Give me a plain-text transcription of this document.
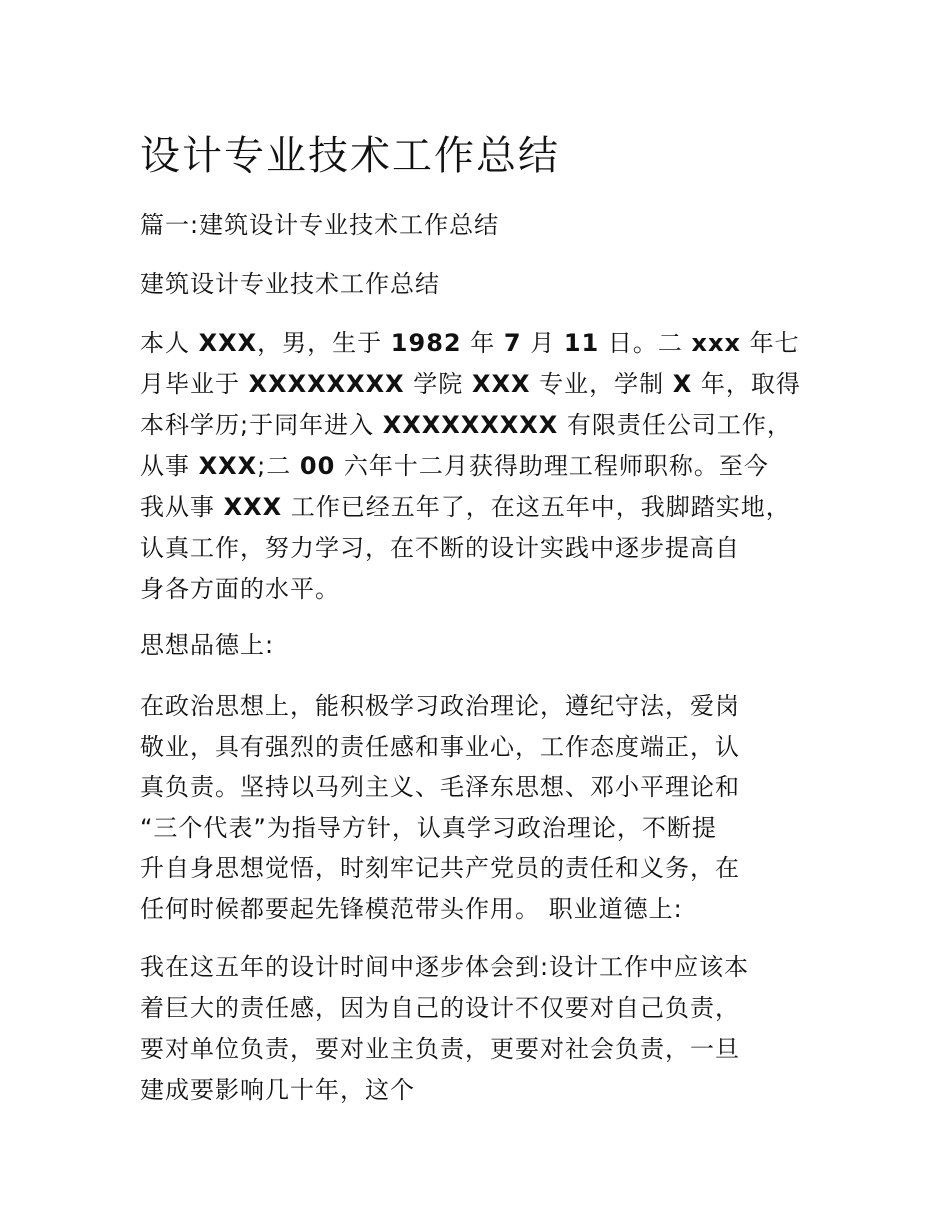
设计专业技术工作总结
篇一:建筑设计专业技术工作总结
建筑设计专业技术工作总结
本人 XXX，男，生于 1982 年 7 月 11 日。二 xxx 年七
月毕业于 XXXXXXXX 学院 XXX 专业，学制 X 年，取得
本科学历;于同年进入 XXXXXXXXX 有限责任公司工作，
从事 XXX;二 00 六年十二月获得助理工程师职称。至今
我从事 XXX 工作已经五年了，在这五年中，我脚踏实地，
认真工作，努力学习，在不断的设计实践中逐步提高自
身各方面的水平。
思想品德上:
在政治思想上，能积极学习政治理论，遵纪守法，爱岗
敬业，具有强烈的责任感和事业心，工作态度端正，认
真负责。坚持以马列主义、毛泽东思想、邓小平理论和
“三个代表”为指导方针，认真学习政治理论，不断提
升自身思想觉悟，时刻牢记共产党员的责任和义务，在
任何时候都要起先锋模范带头作用。 职业道德上:
我在这五年的设计时间中逐步体会到:设计工作中应该本
着巨大的责任感，因为自己的设计不仅要对自己负责，
要对单位负责，要对业主负责，更要对社会负责，一旦
建成要影响几十年，这个
